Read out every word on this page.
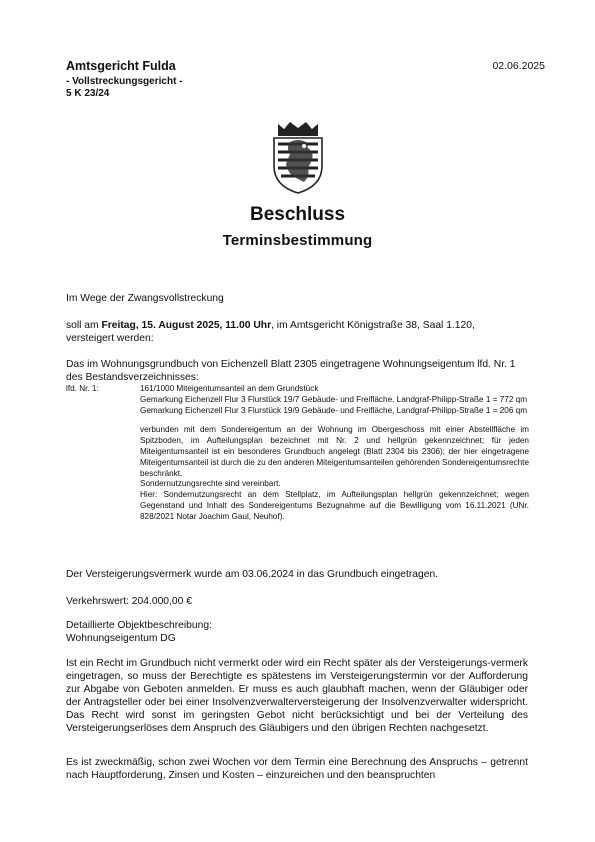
Amtsgericht Fulda
- Vollstreckungsgericht -
5 K 23/24
02.06.2025
Beschluss
Terminsbestimmung
Im Wege der Zwangsvollstreckung
soll am Freitag, 15. August 2025, 11.00 Uhr, im Amtsgericht Königstraße 38, Saal 1.120,
versteigert werden:
Das im Wohnungsgrundbuch von Eichenzell Blatt 2305 eingetragene Wohnungseigentum lfd. Nr. 1
des Bestandsverzeichnisses:
lfd. Nr. 1:	161/1000 Miteigentumsanteil an dem Grundstück
Gemarkung Eichenzell Flur 3 Flurstück 19/7 Gebäude- und Freifläche, Landgraf-Philipp-Straße 1 = 772 qm
Gemarkung Eichenzell Flur 3 Flurstück 19/9 Gebäude- und Freifläche, Landgraf-Philipp-Straße 1 = 206 qm
verbunden mit dem Sondereigentum an der Wohnung im Obergeschoss mit einer Abstellfläche im Spitzboden, im Aufteilungsplan bezeichnet mit Nr. 2 und hellgrün gekennzeichnet; für jeden Miteigentumsanteil ist ein besonderes Grundbuch angelegt (Blatt 2304 bis 2306); der hier eingetragene Miteigentumsanteil ist durch die zu den anderen Miteigentumsanteilen gehörenden Sondereigentumsrechte beschränkt.
Sondernutzungsrechte sind vereinbart.
Hier: Sondernutzungsrecht an dem Stellplatz, im Aufteilungsplan hellgrün gekennzeichnet; wegen Gegenstand und Inhalt des Sondereigentums Bezugnahme auf die Bewilligung vom 16.11.2021 (UNr. 828/2021 Notar Joachim Gaul, Neuhof).
Der Versteigerungsvermerk wurde am 03.06.2024 in das Grundbuch eingetragen.
Verkehrswert: 204.000,00 €
Detaillierte Objektbeschreibung:
Wohnungseigentum DG
Ist ein Recht im Grundbuch nicht vermerkt oder wird ein Recht später als der Versteigerungs-vermerk eingetragen, so muss der Berechtigte es spätestens im Versteigerungstermin vor der Aufforderung zur Abgabe von Geboten anmelden. Er muss es auch glaubhaft machen, wenn der Gläubiger oder der Antragsteller oder bei einer Insolvenzverwalterversteigerung der Insolvenzverwalter widerspricht. Das Recht wird sonst im geringsten Gebot nicht berücksichtigt und bei der Verteilung des Versteigerungserlöses dem Anspruch des Gläubigers und den übrigen Rechten nachgesetzt.
Es ist zweckmäßig, schon zwei Wochen vor dem Termin eine Berechnung des Anspruchs – getrennt nach Hauptforderung, Zinsen und Kosten – einzureichen und den beanspruchten
